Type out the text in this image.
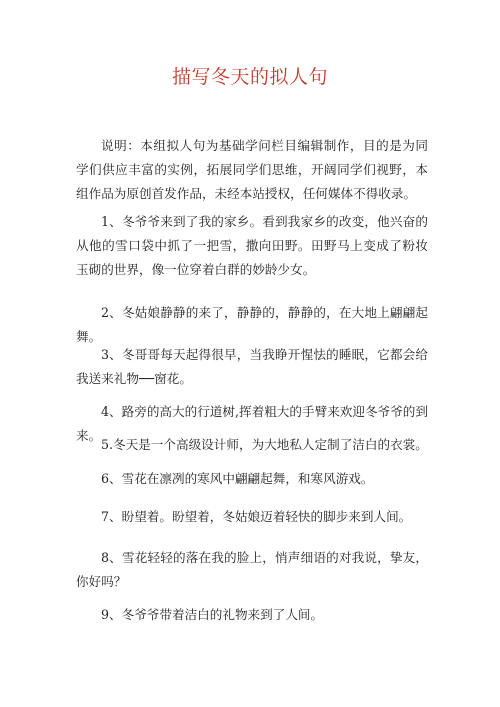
描写冬天的拟人句

说明：本组拟人句为基础学问栏目编辑制作，目的是为同学们供应丰富的实例，拓展同学们思维，开阔同学们视野，本组作品为原创首发作品，未经本站授权，任何媒体不得收录。

1、冬爷爷来到了我的家乡。看到我家乡的改变，他兴奋的从他的雪口袋中抓了一把雪，撒向田野。田野马上变成了粉妆玉砌的世界，像一位穿着白群的妙龄少女。

2、冬姑娘静静的来了，静静的，静静的，在大地上翩翩起舞。

3、冬哥哥每天起得很早，当我睁开惺怯的睡眠，它都会给我送来礼物──窗花。

4、路旁的高大的行道树,挥着粗大的手臂来欢迎冬爷爷的到来。

5.冬天是一个高级设计师，为大地私人定制了洁白的衣裳。

6、雪花在凛冽的寒风中翩翩起舞，和寒风游戏。

7、盼望着。盼望着，冬姑娘迈着轻快的脚步来到人间。

8、雪花轻轻的落在我的脸上，悄声细语的对我说，挚友，你好吗？

9、冬爷爷带着洁白的礼物来到了人间。
